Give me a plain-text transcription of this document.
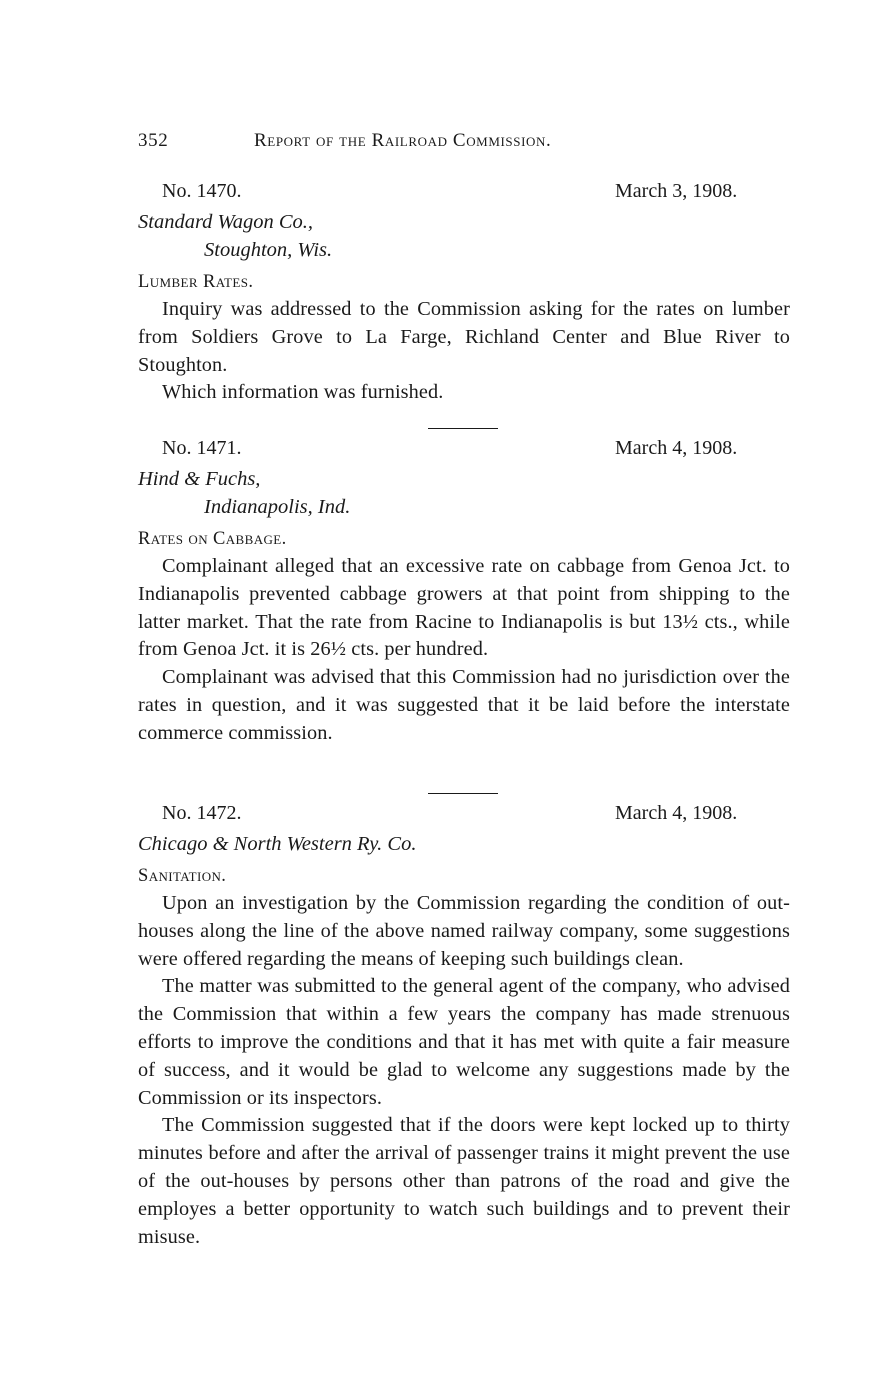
352	Report of the Railroad Commission.
No. 1470.	March 3, 1908.
Standard Wagon Co.,
Stoughton, Wis.
Lumber Rates.

Inquiry was addressed to the Commission asking for the rates on lumber from Soldiers Grove to La Farge, Richland Center and Blue River to Stoughton.

Which information was furnished.

No. 1471.	March 4, 1908.
Hind & Fuchs,
Indianapolis, Ind.
Rates on Cabbage.

Complainant alleged that an excessive rate on cabbage from Genoa Jct. to Indianapolis prevented cabbage growers at that point from shipping to the latter market. That the rate from Racine to Indianapolis is but 13½ cts., while from Genoa Jct. it is 26½ cts. per hundred.

Complainant was advised that this Commission had no jurisdiction over the rates in question, and it was suggested that it be laid before the interstate commerce commission.

No. 1472.	March 4, 1908.
Chicago & North Western Ry. Co.
Sanitation.

Upon an investigation by the Commission regarding the condition of out-houses along the line of the above named railway company, some suggestions were offered regarding the means of keeping such buildings clean.

The matter was submitted to the general agent of the company, who advised the Commission that within a few years the company has made strenuous efforts to improve the conditions and that it has met with quite a fair measure of success, and it would be glad to welcome any suggestions made by the Commission or its inspectors.

The Commission suggested that if the doors were kept locked up to thirty minutes before and after the arrival of passenger trains it might prevent the use of the out-houses by persons other than patrons of the road and give the employes a better opportunity to watch such buildings and to prevent their misuse.
